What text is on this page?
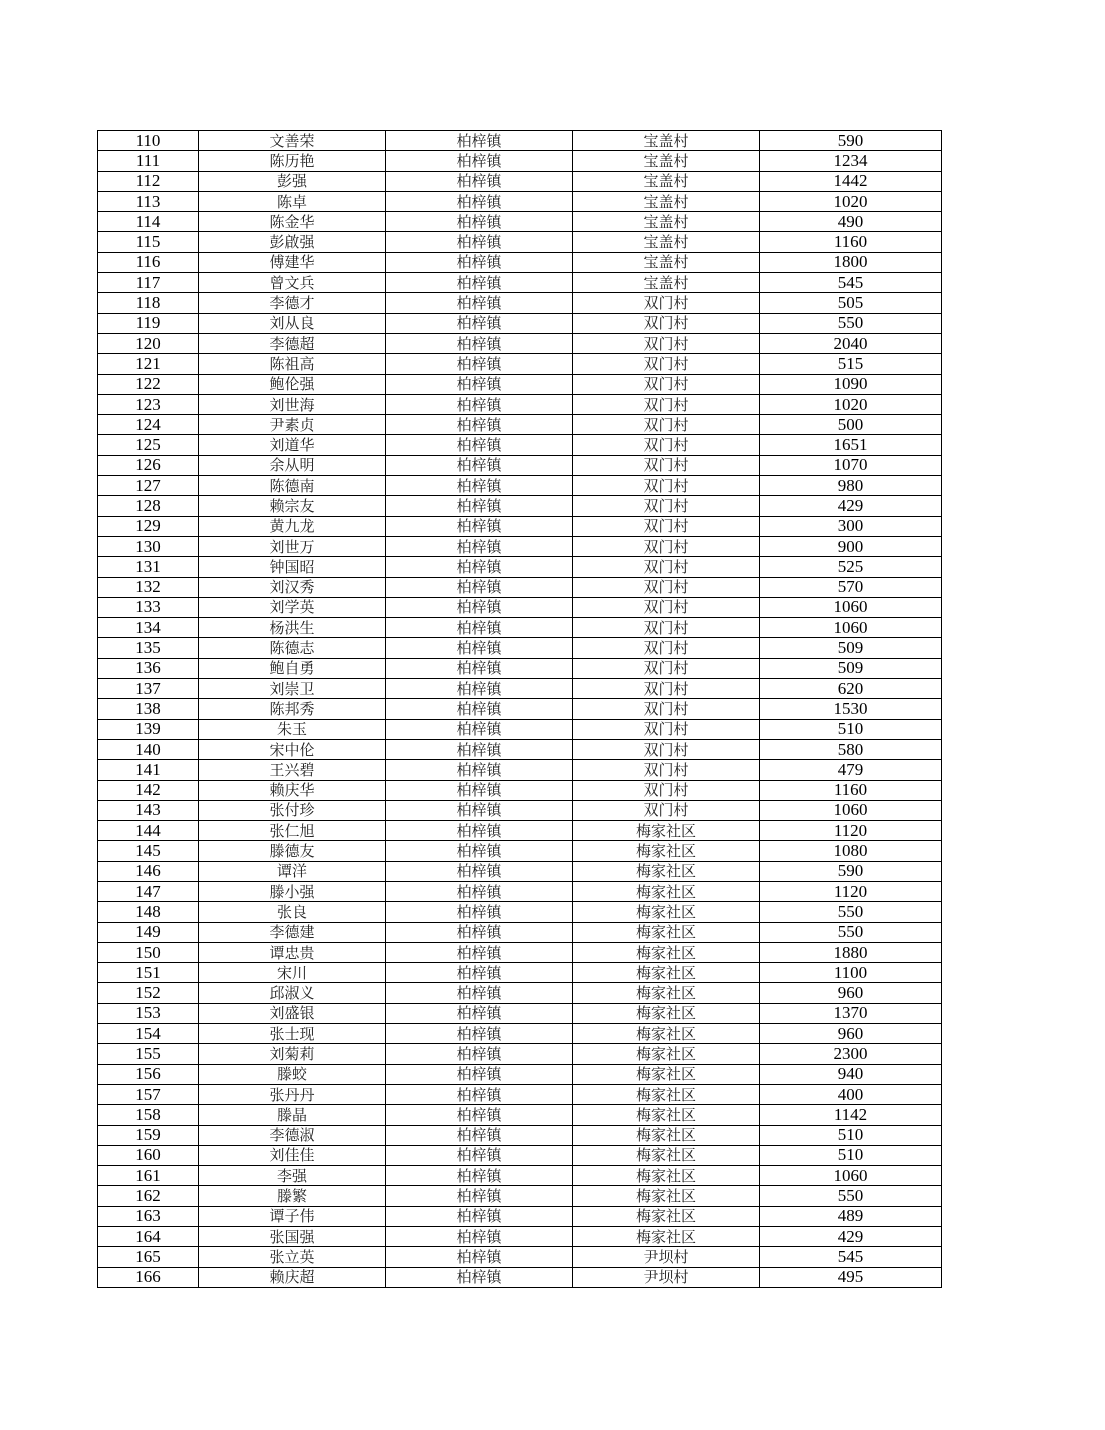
110	文善荣	柏梓镇	宝盖村	590
111	陈历艳	柏梓镇	宝盖村	1234
112	彭强	柏梓镇	宝盖村	1442
113	陈卓	柏梓镇	宝盖村	1020
114	陈金华	柏梓镇	宝盖村	490
115	彭啟强	柏梓镇	宝盖村	1160
116	傅建华	柏梓镇	宝盖村	1800
117	曾文兵	柏梓镇	宝盖村	545
118	李德才	柏梓镇	双门村	505
119	刘从良	柏梓镇	双门村	550
120	李德超	柏梓镇	双门村	2040
121	陈祖高	柏梓镇	双门村	515
122	鲍伦强	柏梓镇	双门村	1090
123	刘世海	柏梓镇	双门村	1020
124	尹素贞	柏梓镇	双门村	500
125	刘道华	柏梓镇	双门村	1651
126	余从明	柏梓镇	双门村	1070
127	陈德南	柏梓镇	双门村	980
128	赖宗友	柏梓镇	双门村	429
129	黄九龙	柏梓镇	双门村	300
130	刘世万	柏梓镇	双门村	900
131	钟国昭	柏梓镇	双门村	525
132	刘汉秀	柏梓镇	双门村	570
133	刘学英	柏梓镇	双门村	1060
134	杨洪生	柏梓镇	双门村	1060
135	陈德志	柏梓镇	双门村	509
136	鲍自勇	柏梓镇	双门村	509
137	刘崇卫	柏梓镇	双门村	620
138	陈邦秀	柏梓镇	双门村	1530
139	朱玉	柏梓镇	双门村	510
140	宋中伦	柏梓镇	双门村	580
141	王兴碧	柏梓镇	双门村	479
142	赖庆华	柏梓镇	双门村	1160
143	张付珍	柏梓镇	双门村	1060
144	张仁旭	柏梓镇	梅家社区	1120
145	滕德友	柏梓镇	梅家社区	1080
146	谭洋	柏梓镇	梅家社区	590
147	滕小强	柏梓镇	梅家社区	1120
148	张良	柏梓镇	梅家社区	550
149	李德建	柏梓镇	梅家社区	550
150	谭忠贵	柏梓镇	梅家社区	1880
151	宋川	柏梓镇	梅家社区	1100
152	邱淑义	柏梓镇	梅家社区	960
153	刘盛银	柏梓镇	梅家社区	1370
154	张士现	柏梓镇	梅家社区	960
155	刘菊莉	柏梓镇	梅家社区	2300
156	滕蛟	柏梓镇	梅家社区	940
157	张丹丹	柏梓镇	梅家社区	400
158	滕晶	柏梓镇	梅家社区	1142
159	李德淑	柏梓镇	梅家社区	510
160	刘佳佳	柏梓镇	梅家社区	510
161	李强	柏梓镇	梅家社区	1060
162	滕繁	柏梓镇	梅家社区	550
163	谭子伟	柏梓镇	梅家社区	489
164	张国强	柏梓镇	梅家社区	429
165	张立英	柏梓镇	尹坝村	545
166	赖庆超	柏梓镇	尹坝村	495
